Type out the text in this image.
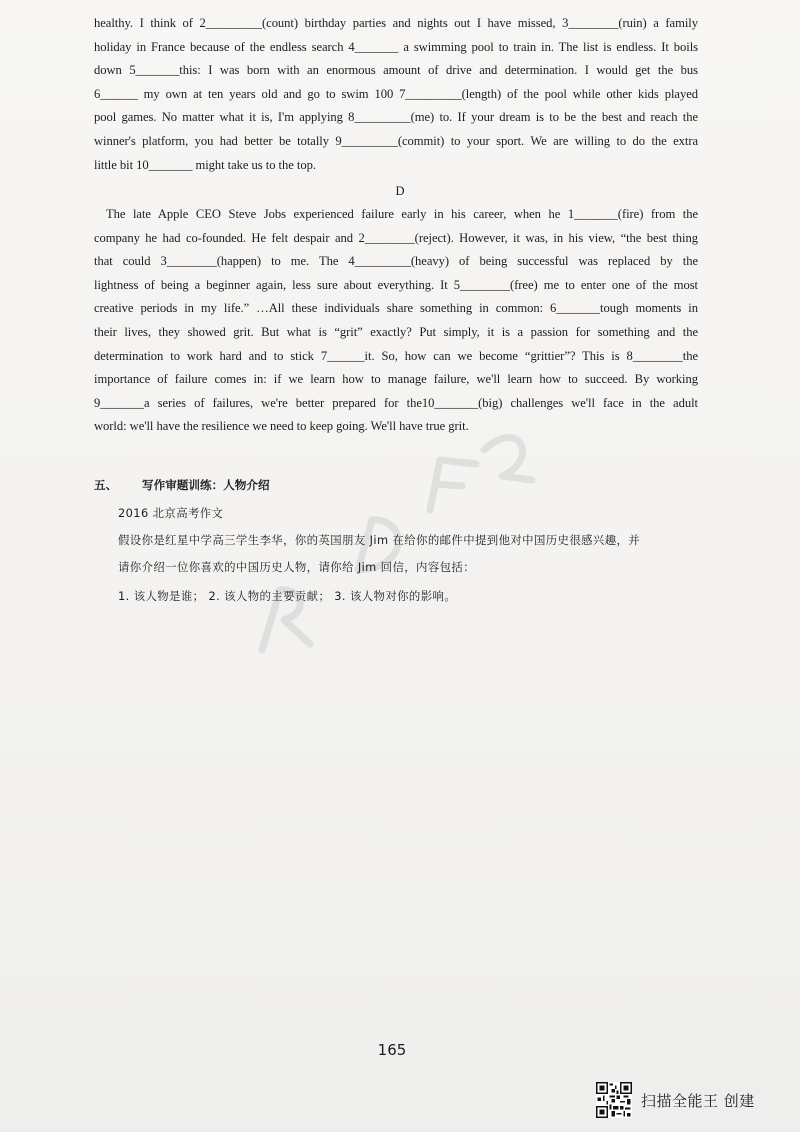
healthy. I think of 2_________(count) birthday parties and nights out I have missed, 3________(ruin) a family
holiday in France because of the endless search 4_______ a swimming pool to train in. The list is endless. It boils
down 5_______this: I was born with an enormous amount of drive and determination. I would get the bus
6______ my own at ten years old and go to swim 100 7_________(length) of the pool while other kids played
pool games. No matter what it is, I'm applying 8_________(me) to. If your dream is to be the best and reach the
winner's platform, you had better be totally 9_________(commit) to your sport. We are willing to do the extra
little bit 10_______ might take us to the top.
D
The late Apple CEO Steve Jobs experienced failure early in his career, when he 1_______(fire) from the
company he had co-founded. He felt despair and 2________(reject). However, it was, in his view, “the best thing
that could 3________(happen) to me. The 4_________(heavy) of being successful was replaced by the
lightness of being a beginner again, less sure about everything. It 5________(free) me to enter one of the most
creative periods in my life.” …All these individuals share something in common: 6_______tough moments in
their lives, they showed grit. But what is “grit” exactly? Put simply, it is a passion for something and the
determination to work hard and to stick 7______it. So, how can we become “grittier”? This is 8________the
importance of failure comes in: if we learn how to manage failure, we'll learn how to succeed. By working
9_______a series of failures, we're better prepared for the10_______(big) challenges we'll face in the adult
world: we'll have the resilience we need to keep going. We'll have true grit.
五、 写作审题训练：人物介绍
2016 北京高考作文
假设你是红星中学高三学生李华，你的英国朋友 Jim 在给你的邮件中提到他对中国历史很感兴趣，并
请你介绍一位你喜欢的中国历史人物，请你给 Jim 回信，内容包括：
1. 该人物是谁； 2. 该人物的主要贡献； 3. 该人物对你的影响。
165
扫描全能王 创建
